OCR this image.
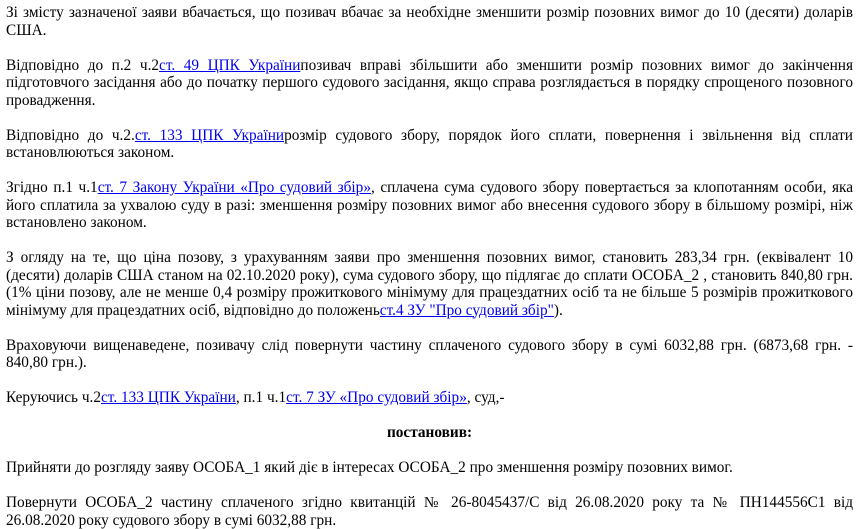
Зі змісту зазначеної заяви вбачається, що позивач вбачає за необхідне зменшити розмір позовних вимог до 10 (десяти) доларів США.

Відповідно до п.2 ч.2ст. 49 ЦПК Українипозивач вправі збільшити або зменшити розмір позовних вимог до закінчення підготовчого засідання або до початку першого судового засідання, якщо справа розглядається в порядку спрощеного позовного провадження.

Відповідно до ч.2.ст. 133 ЦПК Українирозмір судового збору, порядок його сплати, повернення і звільнення від сплати встановлюються законом.

Згідно п.1 ч.1ст. 7 Закону України «Про судовий збір», сплачена сума судового збору повертається за клопотанням особи, яка його сплатила за ухвалою суду в разі: зменшення розміру позовних вимог або внесення судового збору в більшому розмірі, ніж встановлено законом.

З огляду на те, що ціна позову, з урахуванням заяви про зменшення позовних вимог, становить 283,34 грн. (еквівалент 10 (десяти) доларів США станом на 02.10.2020 року), сума судового збору, що підлягає до сплати ОСОБА_2 , становить 840,80 грн. (1% ціни позову, але не менше 0,4 розміру прожиткового мінімуму для працездатних осіб та не більше 5 розмірів прожиткового мінімуму для працездатних осіб, відповідно до положеньст.4 ЗУ "Про судовий збір").

Враховуючи вищенаведене, позивачу слід повернути частину сплаченого судового збору в сумі 6032,88 грн. (6873,68 грн. - 840,80 грн.).

Керуючись ч.2ст. 133 ЦПК України, п.1 ч.1ст. 7 ЗУ «Про судовий збір», суд,-

постановив:

Прийняти до розгляду заяву ОСОБА_1 який діє в інтересах ОСОБА_2 про зменшення розміру позовних вимог.

Повернути ОСОБА_2 частину сплаченого згідно квитанцій № 26-8045437/С від 26.08.2020 року та № ПН144556С1 від 26.08.2020 року судового збору в сумі 6032,88 грн.
